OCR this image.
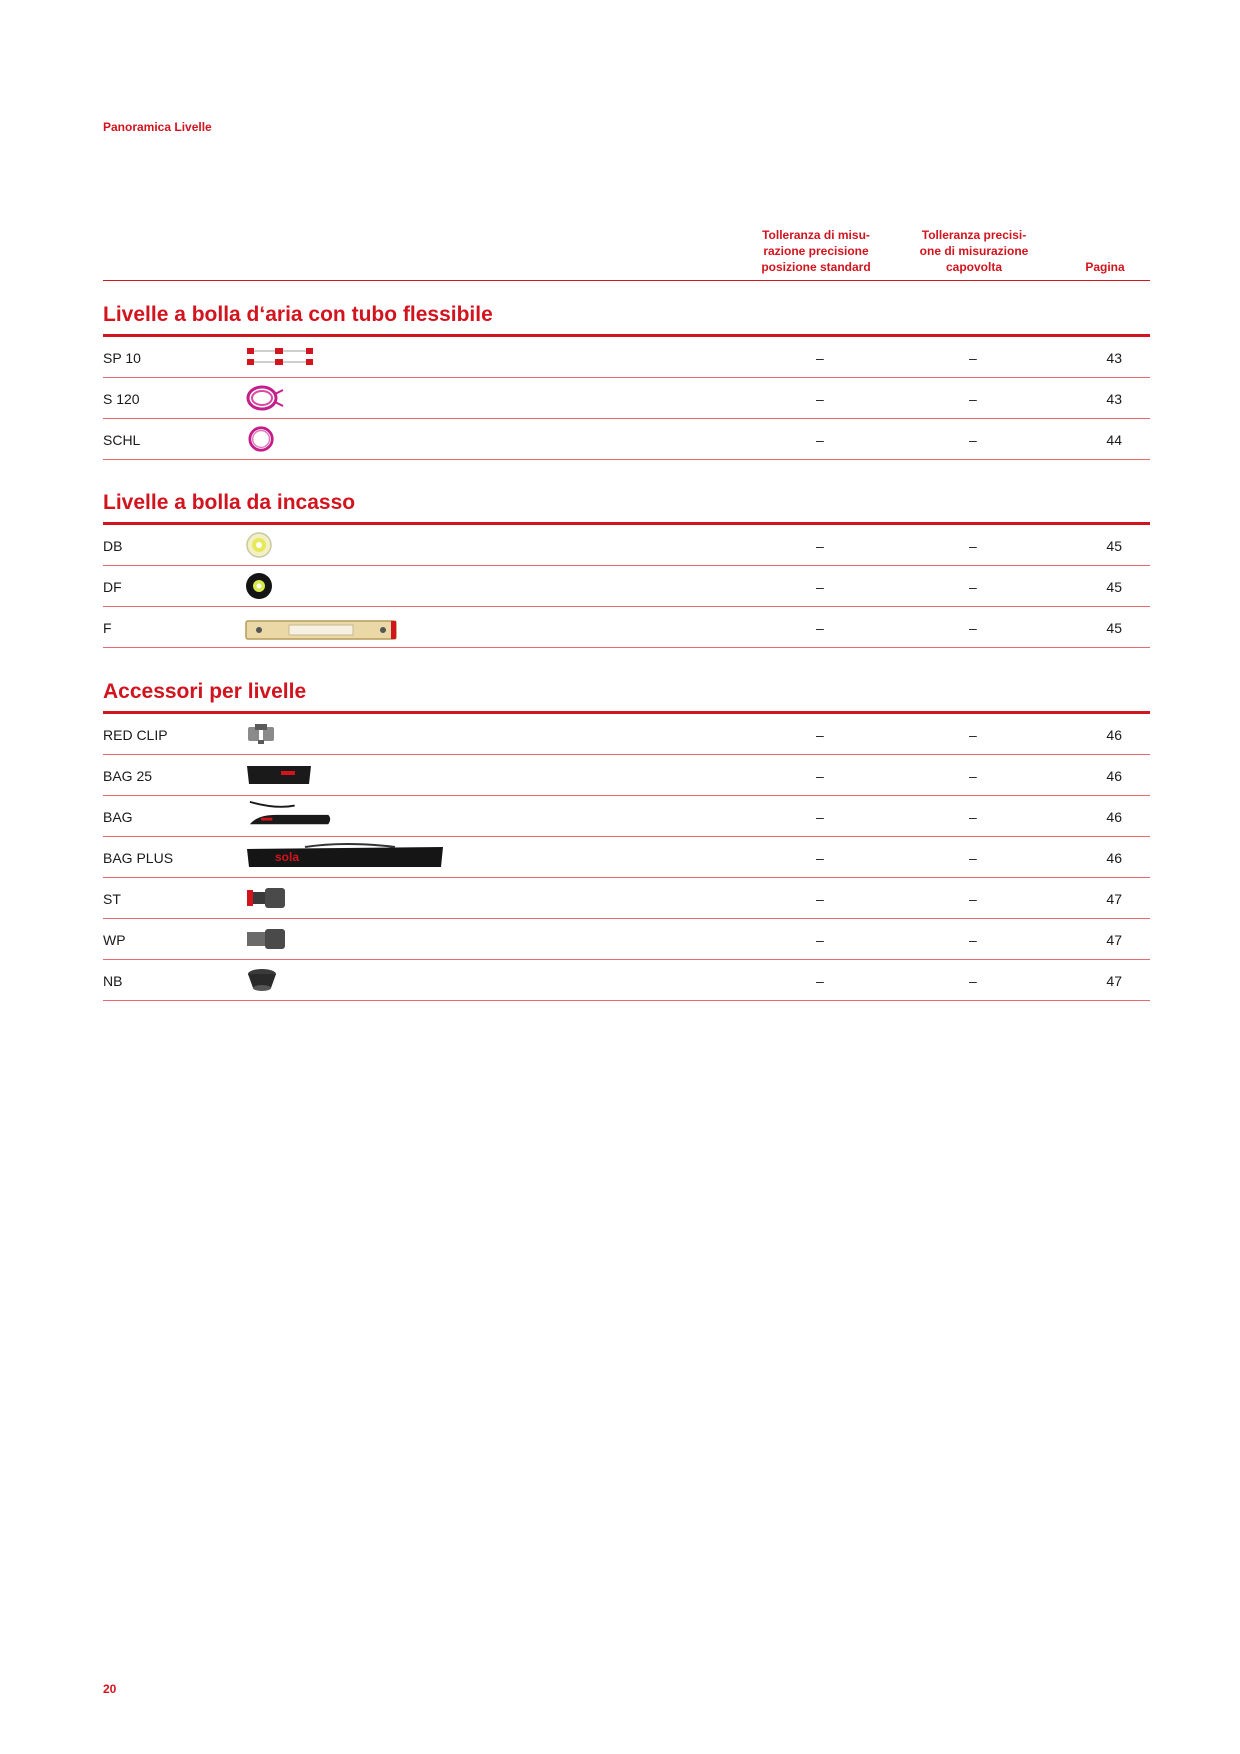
Panoramica Livelle
Tolleranza di misu-
razione precisione
posizione standard
Tolleranza precisi-
one di misurazione
capovolta	Pagina
Livelle a bolla d‘aria con tubo flessibile
SP 10	–	–	43
S 120	–	–	43
SCHL	–	–	44
Livelle a bolla da incasso
DB	–	–	45
DF	–	–	45
F	–	–	45
Accessori per livelle
RED CLIP	–	–	46
BAG 25	–	–	46
BAG	–	–	46
BAG PLUS	sola	–	–	46
ST	–	–	47
WP	–	–	47
NB	–	–	47
20
